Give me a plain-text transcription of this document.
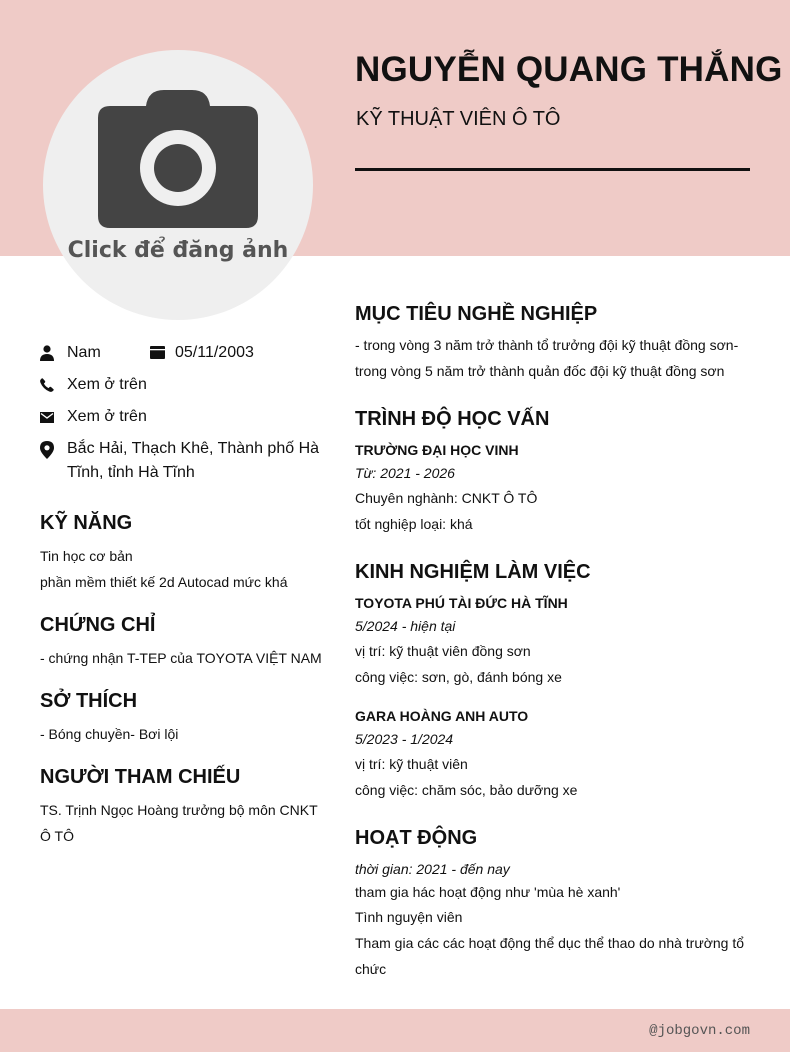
Click để đăng ảnh
NGUYỄN QUANG THẮNG
KỸ THUẬT VIÊN Ô TÔ
Nam	05/11/2003
Xem ở trên
Xem ở trên
Bắc Hải, Thạch Khê, Thành phố Hà
Tĩnh, tỉnh Hà Tĩnh
KỸ NĂNG
Tin học cơ bản
phần mềm thiết kế 2d Autocad mức khá
CHỨNG CHỈ
- chứng nhận T-TEP của TOYOTA VIỆT NAM
SỞ THÍCH
- Bóng chuyền- Bơi lội
NGƯỜI THAM CHIẾU
TS. Trịnh Ngọc Hoàng trưởng bộ môn CNKT
Ô TÔ
MỤC TIÊU NGHỀ NGHIỆP
- trong vòng 3 năm trở thành tổ trưởng đội kỹ thuật đồng sơn-
trong vòng 5 năm trở thành quản đốc đội kỹ thuật đồng sơn
TRÌNH ĐỘ HỌC VẤN
TRƯỜNG ĐẠI HỌC VINH
Từ: 2021 - 2026
Chuyên nghành: CNKT Ô TÔ
tốt nghiệp loại: khá
KINH NGHIỆM LÀM VIỆC
TOYOTA PHÚ TÀI ĐỨC HÀ TĨNH
5/2024 - hiện tại
vị trí: kỹ thuật viên đồng sơn
công việc: sơn, gò, đánh bóng xe
GARA HOÀNG ANH AUTO
5/2023 - 1/2024
vị trí: kỹ thuật viên
công việc: chăm sóc, bảo dưỡng xe
HOẠT ĐỘNG
thời gian: 2021 - đến nay
tham gia hác hoạt động như 'mùa hè xanh'
Tình nguyện viên
Tham gia các các hoạt động thể dục thể thao do nhà trường tổ
chức
@jobgovn.com
